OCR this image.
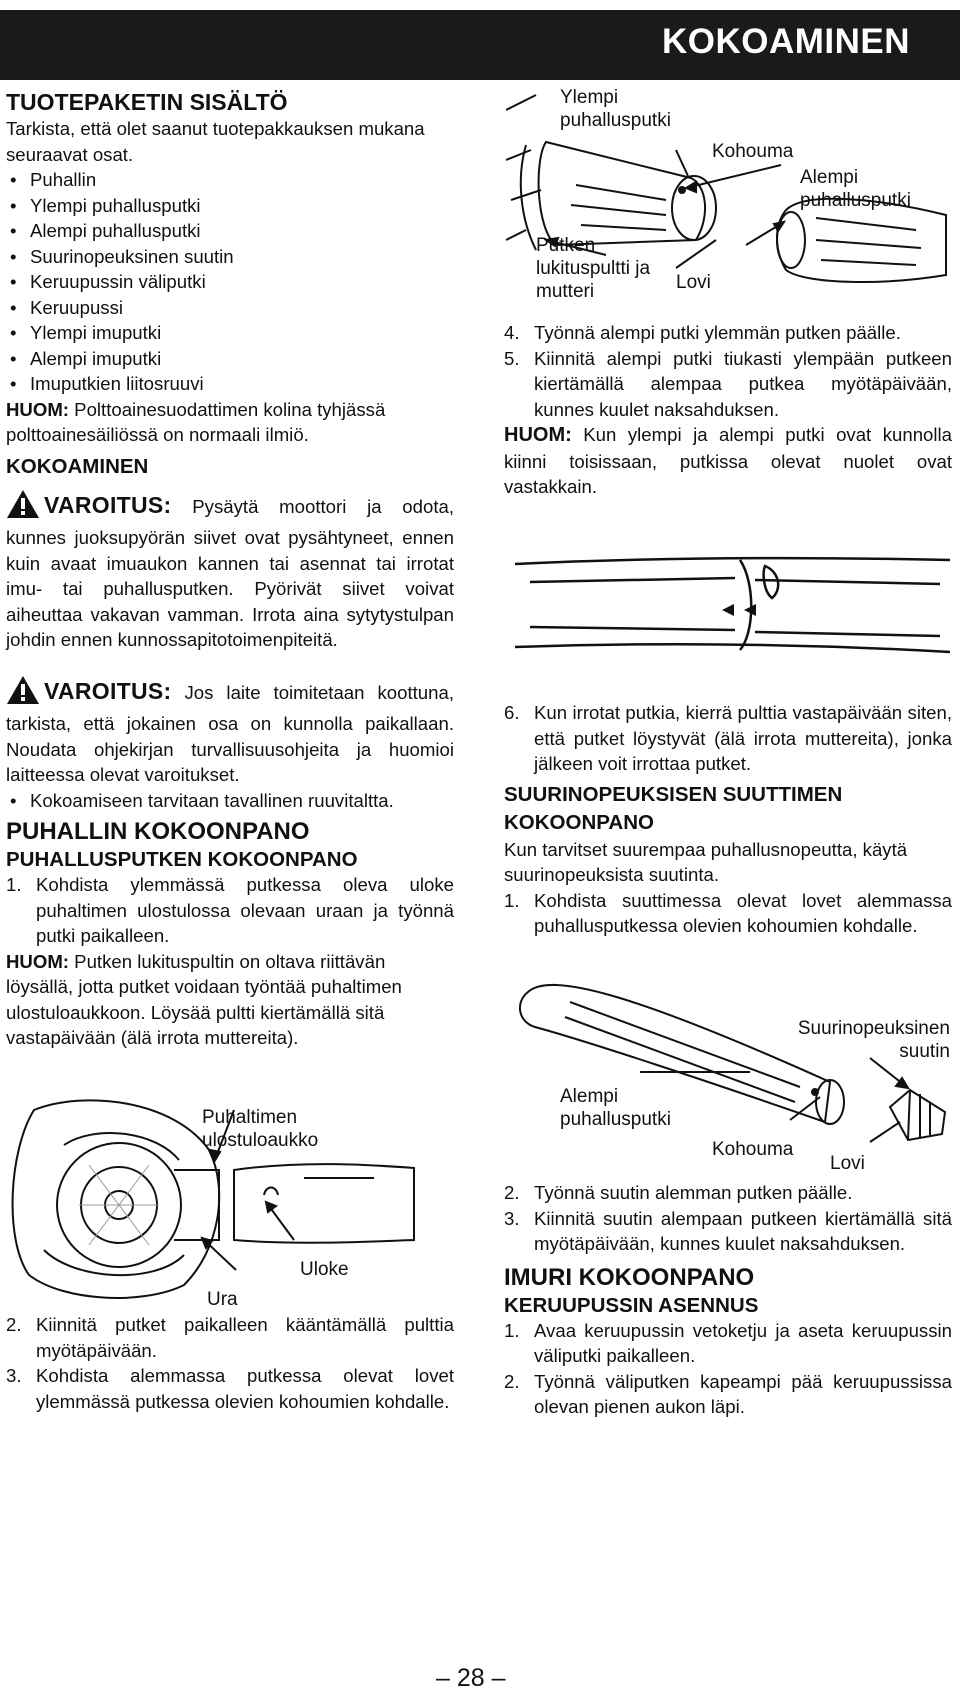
KOKOAMINEN
TUOTEPAKETIN SISÄLTÖ

Tarkista, että olet saanut tuotepakkauksen mukana seuraavat osat.

• Puhallin
• Ylempi puhallusputki
• Alempi puhallusputki
• Suurinopeuksinen suutin
• Keruupussin väliputki
• Keruupussi
• Ylempi imuputki
• Alempi imuputki
• Imuputkien liitosruuvi

HUOM: Polttoainesuodattimen kolina tyhjässä polttoainesäiliössä on normaali ilmiö.

KOKOAMINEN

VAROITUS: Pysäytä moottori ja odota, kunnes juoksupyörän siivet ovat pysähtyneet, ennen kuin avaat imuaukon kannen tai asennat tai irrotat imu- tai puhallusputken. Pyörivät siivet voivat aiheuttaa vakavan vamman. Irrota aina sytytystulpan johdin ennen kunnossapitotoimenpiteitä.

VAROITUS: Jos laite toimitetaan koottuna, tarkista, että jokainen osa on kunnolla paikallaan. Noudata ohjekirjan turvallisuusohjeita ja huomioi laitteessa olevat varoitukset.

• Kokoamiseen tarvitaan tavallinen ruuvitaltta.
PUHALLIN KOKOONPANO
PUHALLUSPUTKEN KOKOONPANO
1. Kohdista ylemmässä putkessa oleva uloke puhaltimen ulostulossa olevaan uraan ja työnnä putki paikalleen.

HUOM: Putken lukituspultin on oltava riittävän löysällä, jotta putket voidaan työntää puhaltimen ulostuloaukkoon. Löysää pultti kiertämällä sitä vastapäivään (älä irrota muttereita).

Puhaltimen ulostuloaukko
Uloke
Ura
2. Kiinnitä putket paikalleen kääntämällä pulttia myötäpäivään.
3. Kohdista alemmassa putkessa olevat lovet ylemmässä putkessa olevien kohoumien kohdalle.
Ylempi puhallusputki
Kohouma
Alempi puhallusputki
Putken lukituspultti ja mutteri	Lovi
4. Työnnä alempi putki ylemmän putken päälle.
5. Kiinnitä alempi putki tiukasti ylempään putkeen kiertämällä alempaa putkea myötäpäivään, kunnes kuulet naksahduksen.

HUOM: Kun ylempi ja alempi putki ovat kunnolla kiinni toisissaan, putkissa olevat nuolet ovat vastakkain.

6. Kun irrotat putkia, kierrä pulttia vastapäivään siten, että putket löystyvät (älä irrota muttereita), jonka jälkeen voit irrottaa putket.
SUURINOPEUKSISEN SUUTTIMEN KOKOONPANO

Kun tarvitset suurempaa puhallusnopeutta, käytä suurinopeuksista suutinta.

1. Kohdista suuttimessa olevat lovet alemmassa puhallusputkessa olevien kohoumien kohdalle.
Suurinopeuksinen suutin
Alempi puhallusputki
Kohouma
Lovi
2. Työnnä suutin alemman putken päälle.
3. Kiinnitä suutin alempaan putkeen kiertämällä sitä myötäpäivään, kunnes kuulet naksahduksen.
IMURI KOKOONPANO
KERUUPUSSIN ASENNUS
1. Avaa keruupussin vetoketju ja aseta keruupussin väliputki paikalleen.
2. Työnnä väliputken kapeampi pää keruupussissa olevan pienen aukon läpi.
– 28 –
